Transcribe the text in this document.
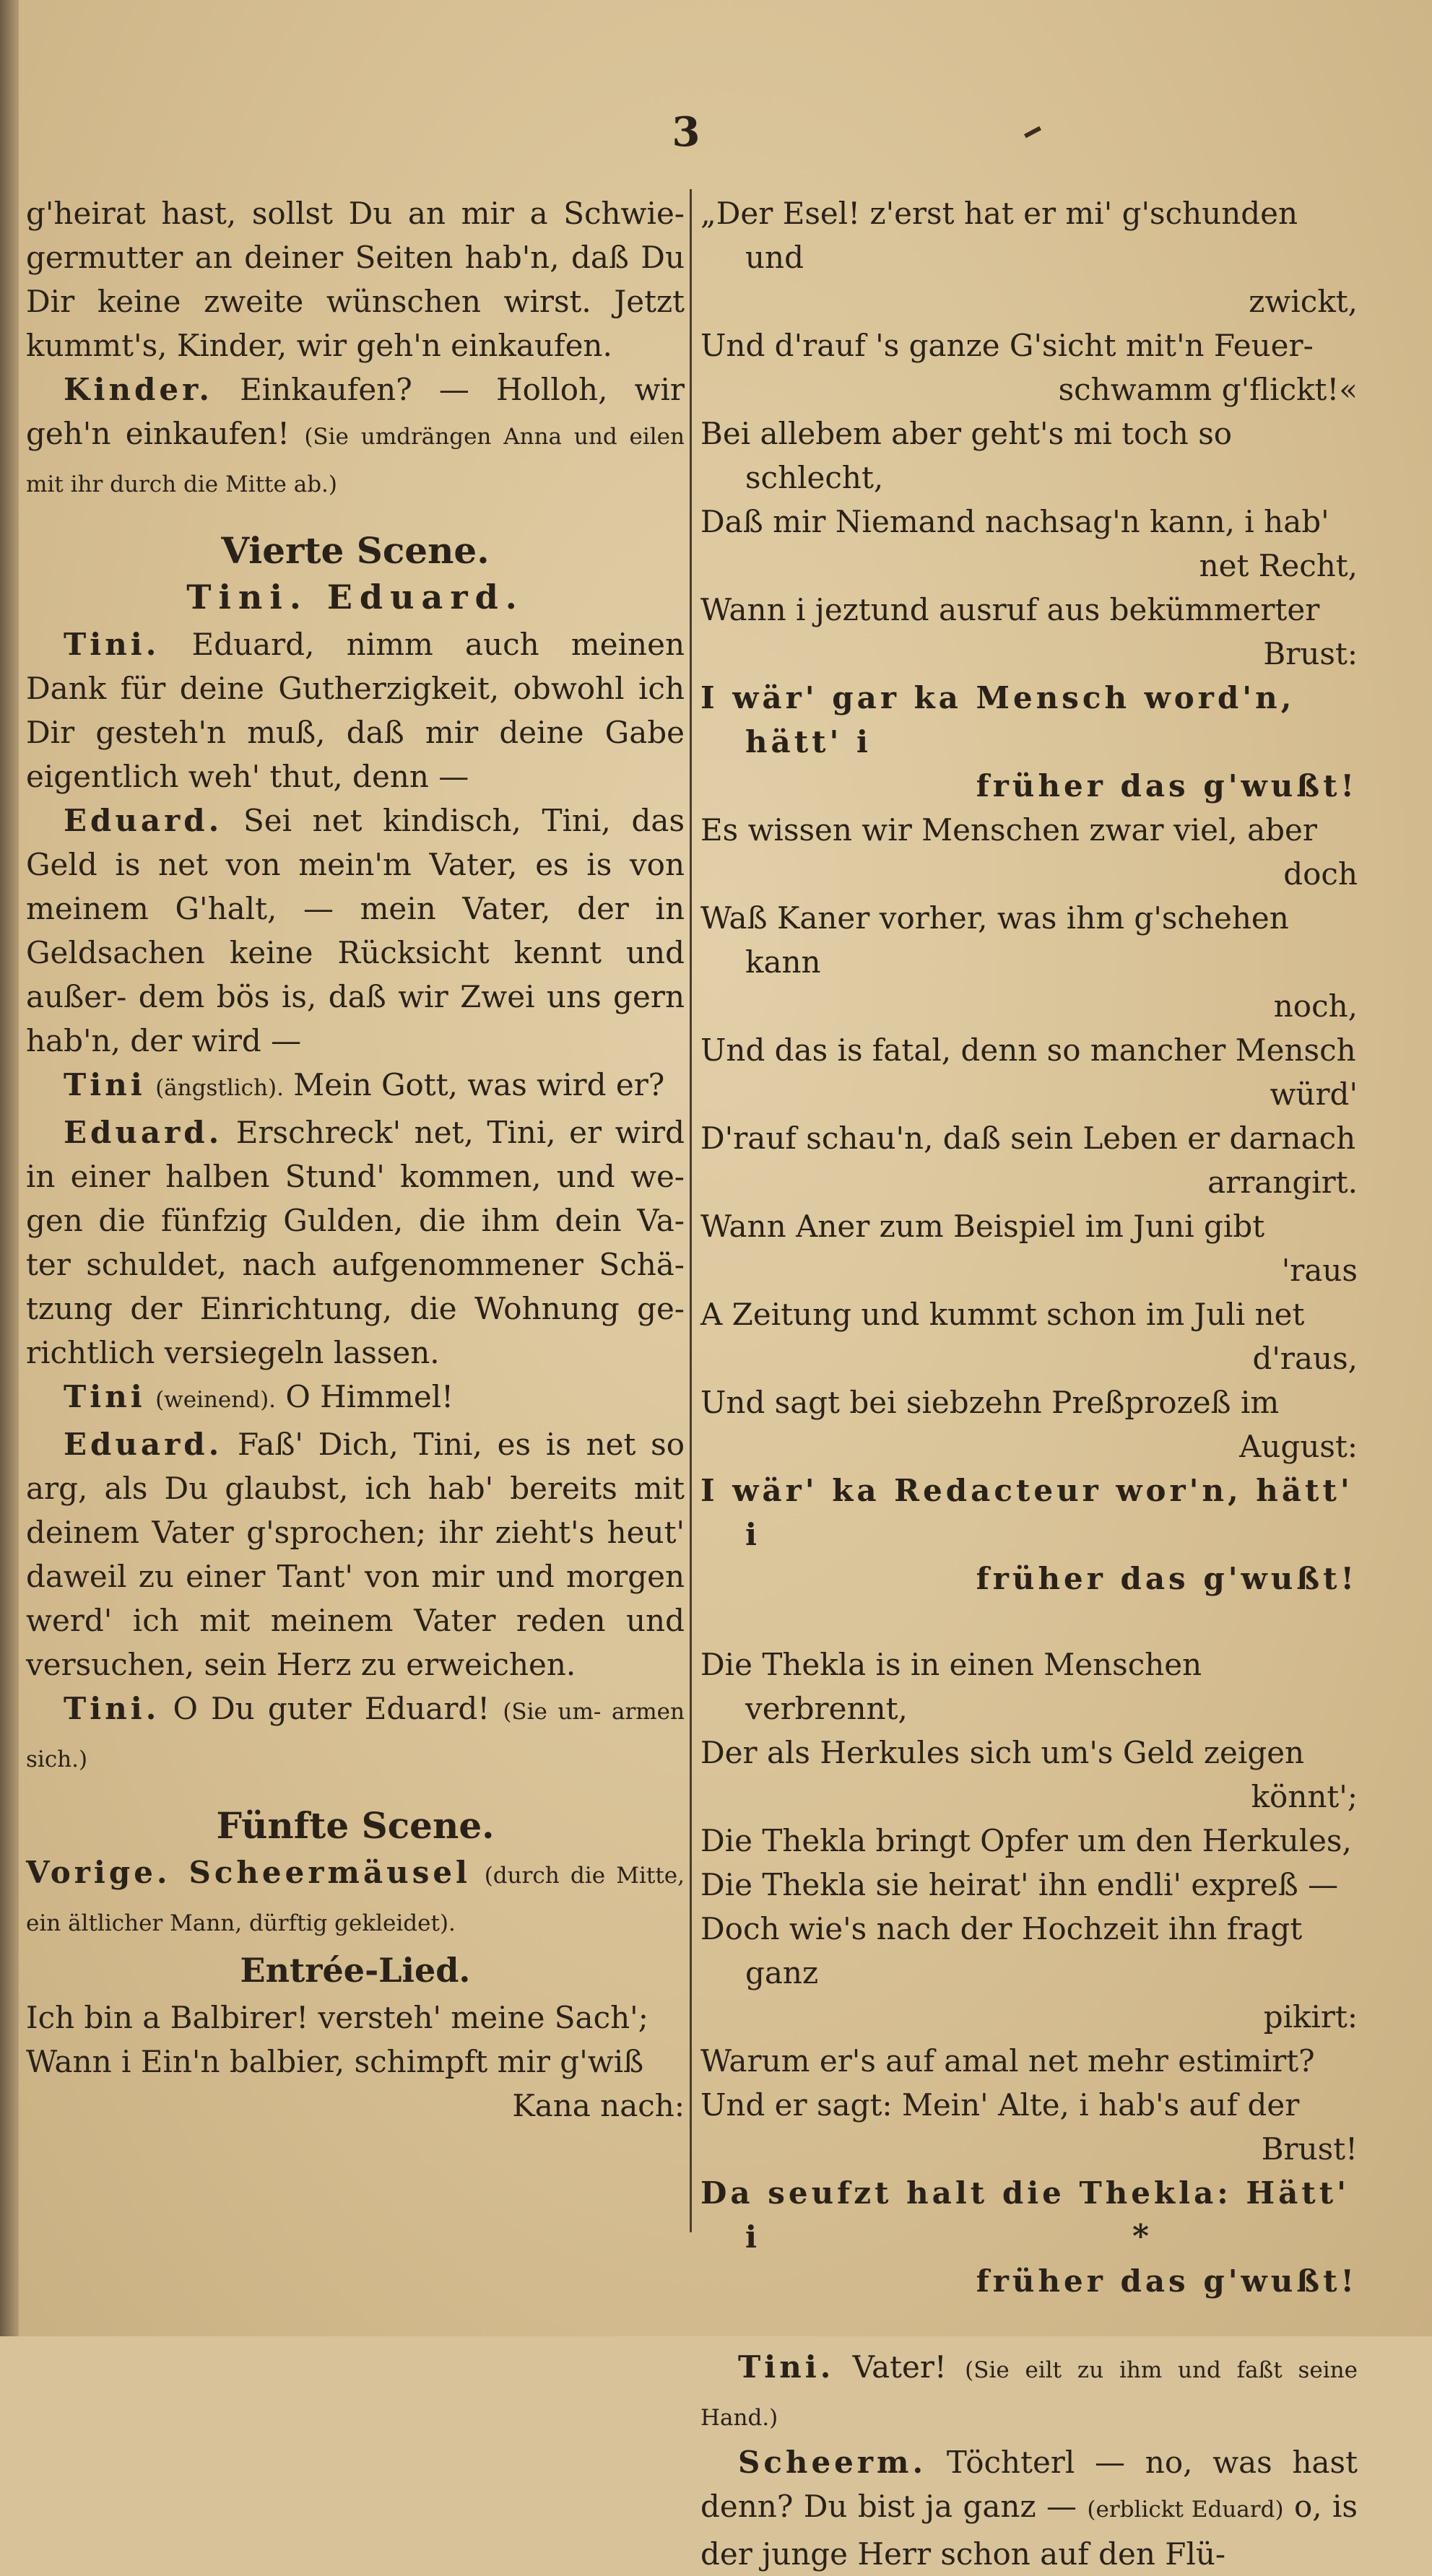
3

g'heirat hast, sollst Du an mir a Schwie- germutter an deiner Seiten hab'n, daß Du Dir keine zweite wünschen wirst. Jetzt kummt's, Kinder, wir geh'n einkaufen.

Kinder. Einkaufen? — Holloh, wir geh'n einkaufen! (Sie umdrängen Anna und eilen mit ihr durch die Mitte ab.)

Vierte Scene.
Tini. Eduard.

Tini. Eduard, nimm auch meinen Dank für deine Gutherzigkeit, obwohl ich Dir gesteh'n muß, daß mir deine Gabe eigentlich weh' thut, denn —

Eduard. Sei net kindisch, Tini, das Geld is net von mein'm Vater, es is von meinem G'halt, — mein Vater, der in Geldsachen keine Rücksicht kennt und außer- dem bös is, daß wir Zwei uns gern hab'n, der wird —

Tini (ängstlich). Mein Gott, was wird er?

Eduard. Erschreck' net, Tini, er wird in einer halben Stund' kommen, und we- gen die fünfzig Gulden, die ihm dein Va- ter schuldet, nach aufgenommener Schä- tzung der Einrichtung, die Wohnung ge- richtlich versiegeln lassen.

Tini (weinend). O Himmel!

Eduard. Faß' Dich, Tini, es is net so arg, als Du glaubst, ich hab' bereits mit deinem Vater g'sprochen; ihr zieht's heut' daweil zu einer Tant' von mir und morgen werd' ich mit meinem Vater reden und versuchen, sein Herz zu erweichen.

Tini. O Du guter Eduard! (Sie um- armen sich.)

Fünfte Scene.

Vorige. Scheermäusel (durch die Mitte, ein ältlicher Mann, dürftig gekleidet).

Entrée-Lied.

Ich bin a Balbirer! versteh' meine Sach';

Wann i Ein'n balbier, schimpft mir g'wiß
Kana nach:

„Der Esel! z'erst hat er mi' g'schunden und
zwickt,

Und d'rauf 's ganze G'sicht mit'n Feuer-
schwamm g'flickt!«

Bei allebem aber geht's mi toch so schlecht,

Daß mir Niemand nachsag'n kann, i hab'
net Recht,

Wann i jeztund ausruf aus bekümmerter
Brust:

I wär' gar ka Mensch word'n, hätt' i
früher das g'wußt!

Es wissen wir Menschen zwar viel, aber
doch

Waß Kaner vorher, was ihm g'schehen kann
noch,

Und das is fatal, denn so mancher Mensch
würd'

D'rauf schau'n, daß sein Leben er darnach
arrangirt.

Wann Aner zum Beispiel im Juni gibt
'raus

A Zeitung und kummt schon im Juli net
d'raus,

Und sagt bei siebzehn Preßprozeß im
August:

I wär' ka Redacteur wor'n, hätt' i
früher das g'wußt!

Die Thekla is in einen Menschen verbrennt,

Der als Herkules sich um's Geld zeigen
könnt';

Die Thekla bringt Opfer um den Herkules,

Die Thekla sie heirat' ihn endli' expreß —

Doch wie's nach der Hochzeit ihn fragt ganz
pikirt:

Warum er's auf amal net mehr estimirt?

Und er sagt: Mein' Alte, i hab's auf der
Brust!

Da seufzt halt die Thekla: Hätt' i
früher das g'wußt!

Tini. Vater! (Sie eilt zu ihm und faßt seine Hand.)

Scheerm. Töchterl — no, was hast denn? Du bist ja ganz — (erblickt Eduard) o, is der junge Herr schon auf den Flü-

*
